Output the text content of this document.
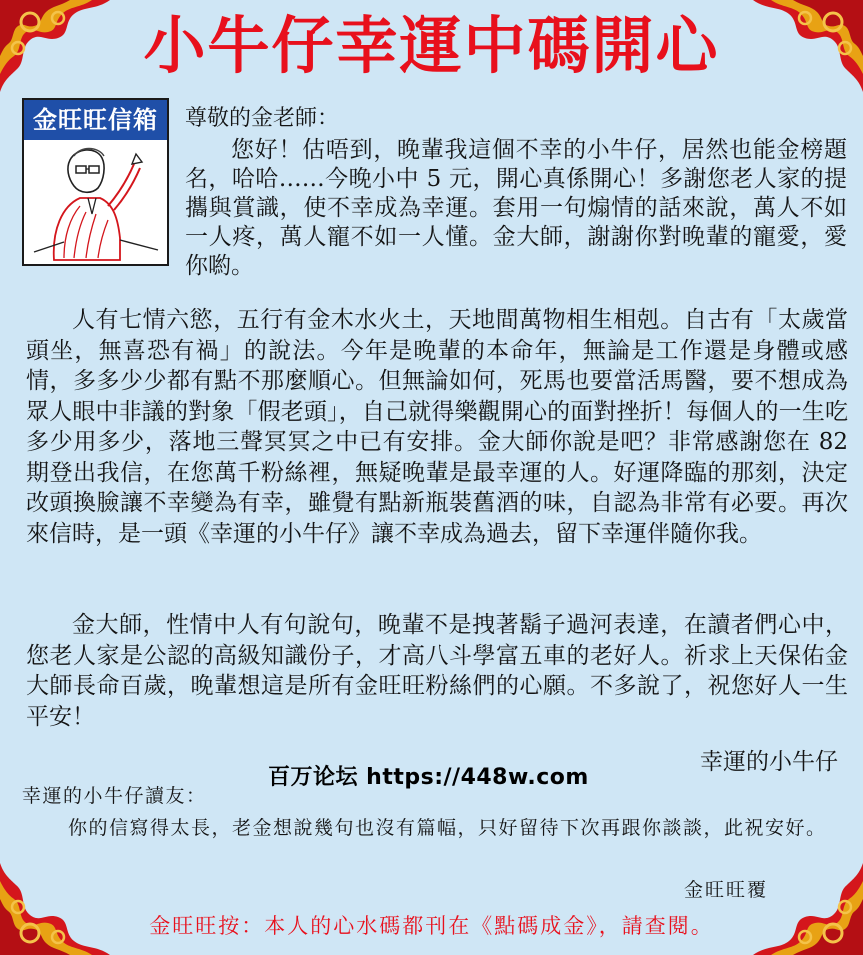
小牛仔幸運中碼開心
金旺旺信箱	尊敬的金老師：

您好！估唔到，晚輩我這個不幸的小牛仔，居然也能金榜題名，哈哈……今晚小中 5 元，開心真係開心！多謝您老人家的提攜與賞識，使不幸成為幸運。套用一句煽情的話來說，萬人不如一人疼，萬人寵不如一人懂。金大師，謝謝你對晚輩的寵愛，愛你喲。

人有七情六慾，五行有金木水火土，天地間萬物相生相剋。自古有「太歲當頭坐，無喜恐有禍」的說法。今年是晚輩的本命年，無論是工作還是身體或感情，多多少少都有點不那麼順心。但無論如何，死馬也要當活馬醫，要不想成為眾人眼中非議的對象「假老頭」，自己就得樂觀開心的面對挫折！每個人的一生吃多少用多少，落地三聲冥冥之中已有安排。金大師你說是吧？非常感謝您在 82 期登出我信，在您萬千粉絲裡，無疑晚輩是最幸運的人。好運降臨的那刻，決定改頭換臉讓不幸變為有幸，雖覺有點新瓶裝舊酒的味，自認為非常有必要。再次來信時，是一頭《幸運的小牛仔》讓不幸成為過去，留下幸運伴隨你我。

金大師，性情中人有句說句，晚輩不是拽著鬍子過河表達，在讀者們心中，您老人家是公認的高級知識份子，才高八斗學富五車的老好人。祈求上天保佑金大師長命百歲，晚輩想這是所有金旺旺粉絲們的心願。不多說了，祝您好人一生平安！

幸運的小牛仔
百万论坛 https://448w.com
幸運的小牛仔讀友：

你的信寫得太長，老金想說幾句也沒有篇幅，只好留待下次再跟你談談，此祝安好。

金旺旺覆
金旺旺按：本人的心水碼都刊在《點碼成金》，請查閱。
